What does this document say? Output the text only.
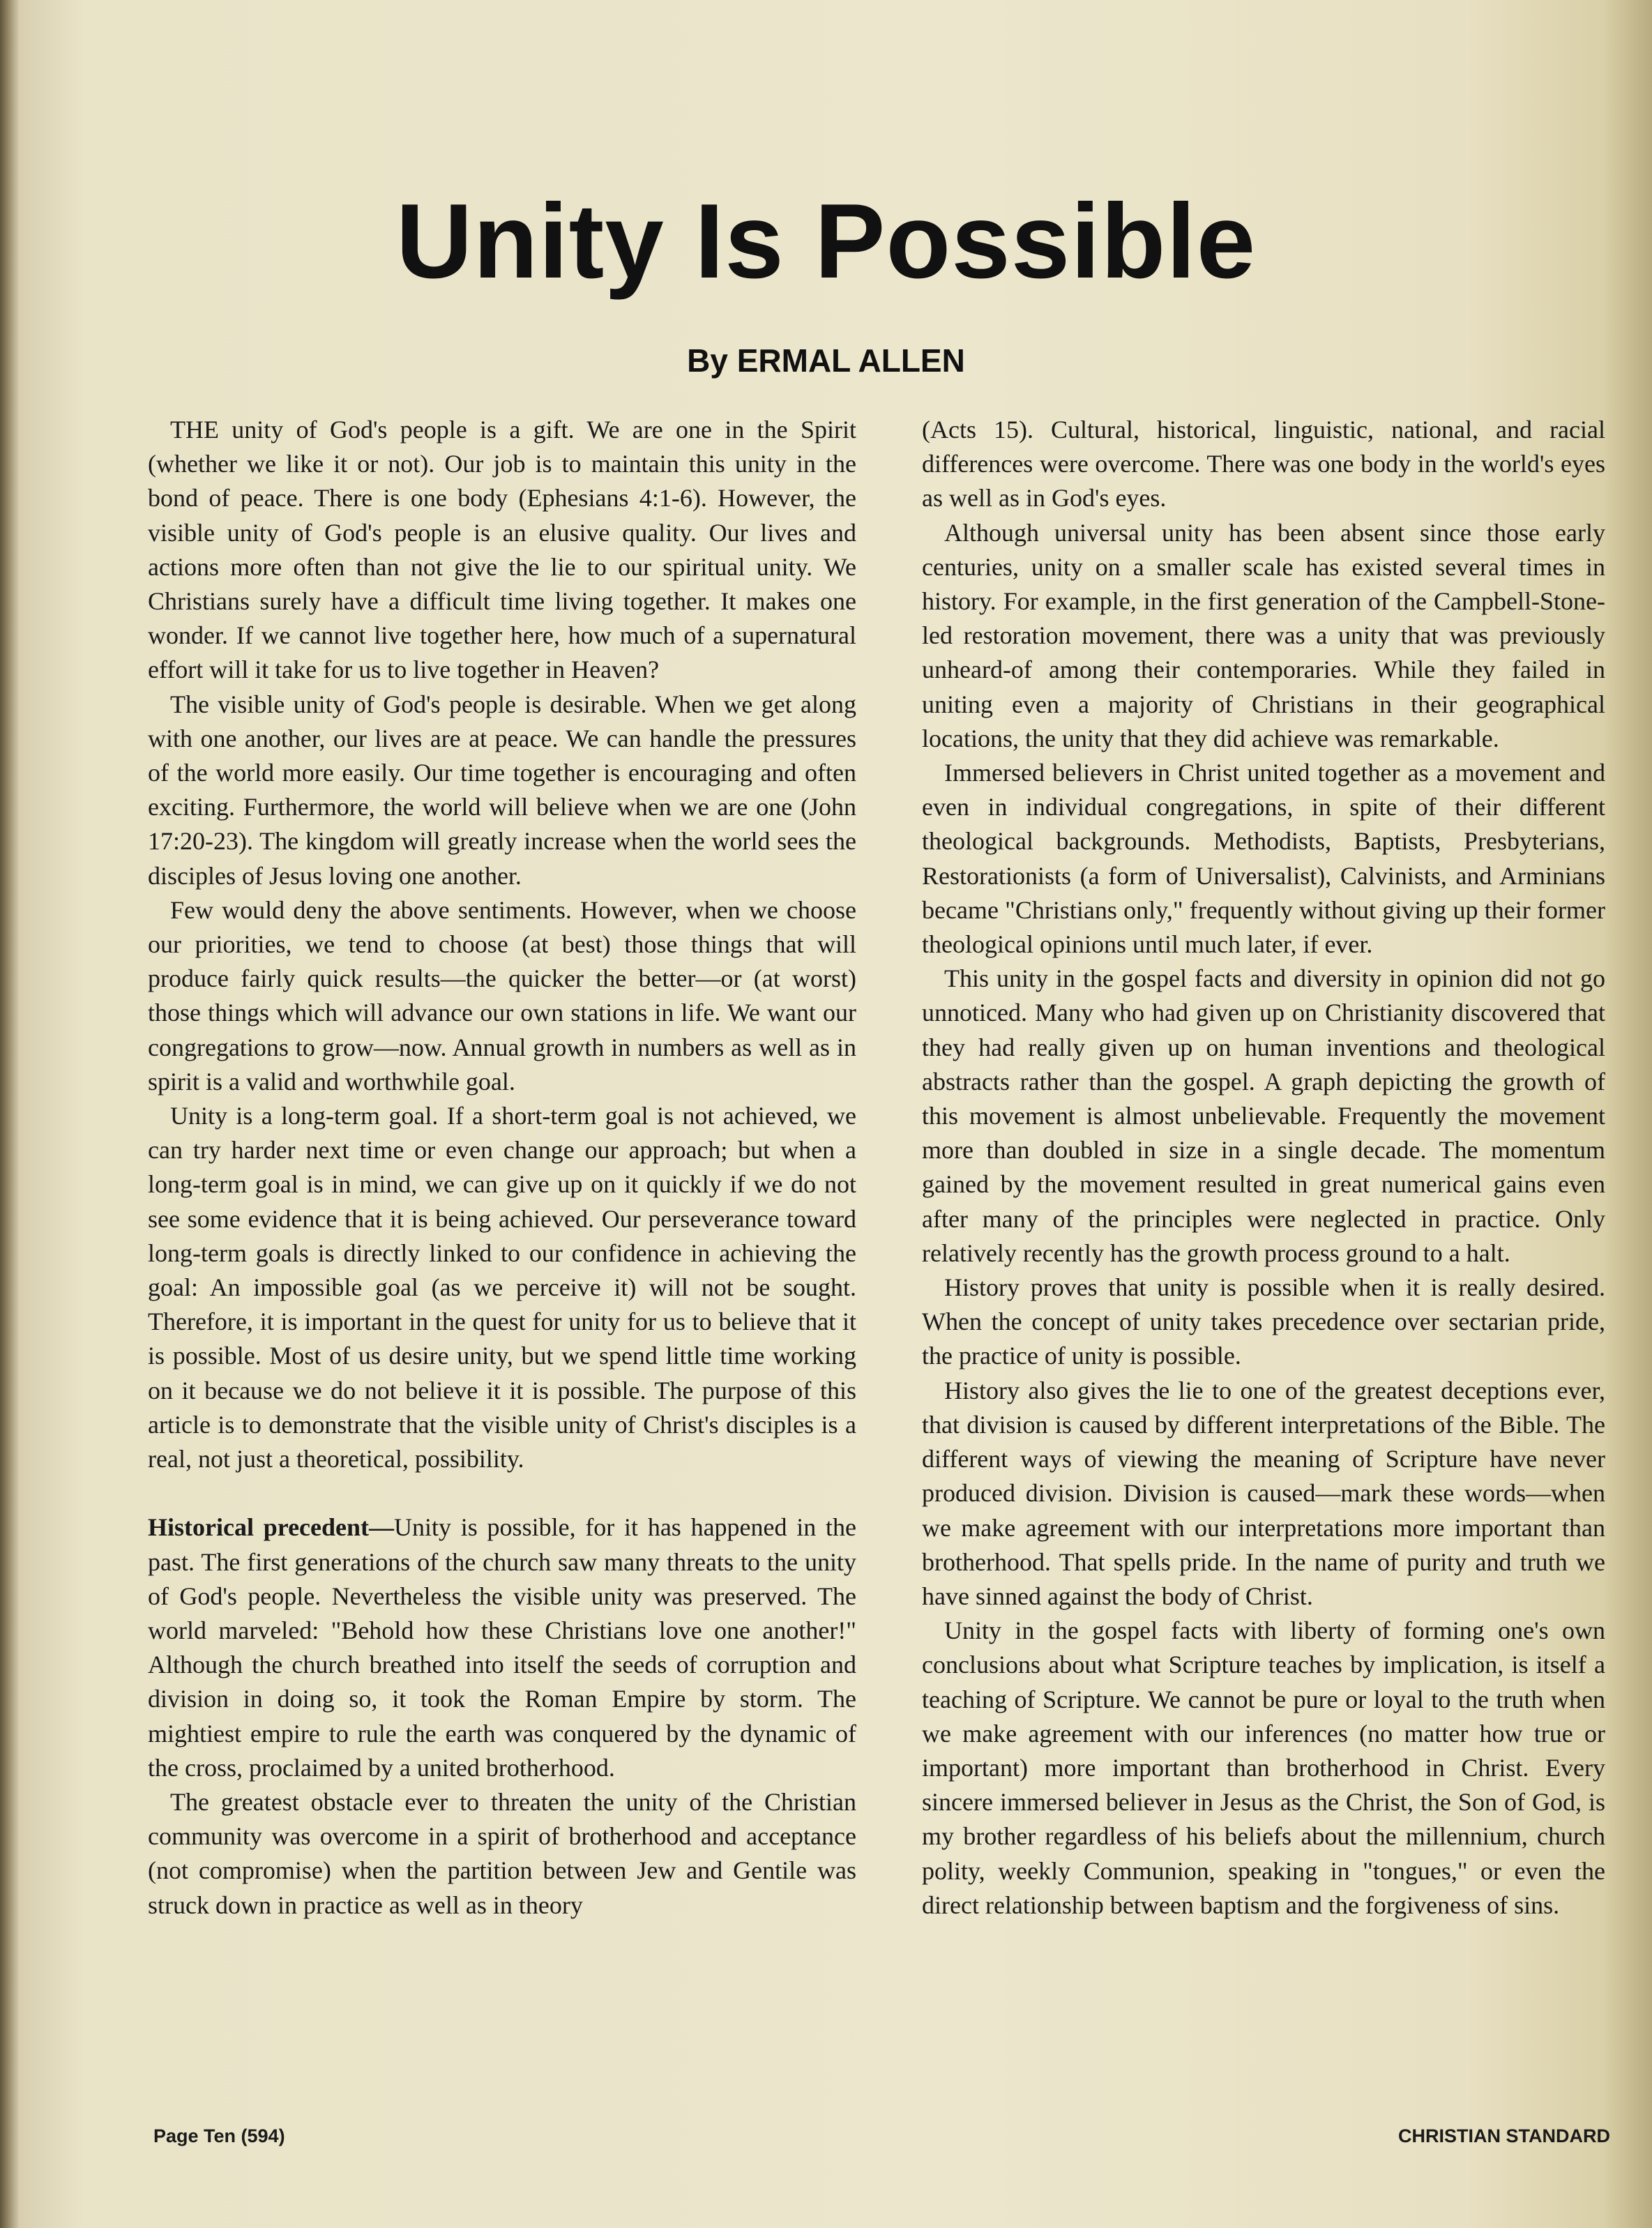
Unity Is Possible
By ERMAL ALLEN

THE unity of God's people is a gift. We are one in the Spirit (whether we like it or not). Our job is to maintain this unity in the bond of peace. There is one body (Ephesians 4:1-6). However, the visible unity of God's people is an elusive quality. Our lives and actions more often than not give the lie to our spiritual unity. We Christians surely have a difficult time living together. It makes one wonder. If we cannot live together here, how much of a supernatural effort will it take for us to live together in Heaven?

The visible unity of God's people is desirable. When we get along with one another, our lives are at peace. We can handle the pressures of the world more easily. Our time together is encouraging and often exciting. Furthermore, the world will believe when we are one (John 17:20-23). The kingdom will greatly increase when the world sees the disciples of Jesus loving one another.

Few would deny the above sentiments. However, when we choose our priorities, we tend to choose (at best) those things that will produce fairly quick results—the quicker the better—or (at worst) those things which will advance our own stations in life. We want our congregations to grow—now. Annual growth in numbers as well as in spirit is a valid and worthwhile goal.

Unity is a long-term goal. If a short-term goal is not achieved, we can try harder next time or even change our approach; but when a long-term goal is in mind, we can give up on it quickly if we do not see some evidence that it is being achieved. Our perseverance toward long-term goals is directly linked to our confidence in achieving the goal: An impossible goal (as we perceive it) will not be sought. Therefore, it is important in the quest for unity for us to believe that it is possible. Most of us desire unity, but we spend little time working on it because we do not believe it it is possible. The purpose of this article is to demonstrate that the visible unity of Christ's disciples is a real, not just a theoretical, possibility.

Historical precedent—Unity is possible, for it has happened in the past. The first generations of the church saw many threats to the unity of God's people. Nevertheless the visible unity was preserved. The world marveled: "Behold how these Christians love one another!" Although the church breathed into itself the seeds of corruption and division in doing so, it took the Roman Empire by storm. The mightiest empire to rule the earth was conquered by the dynamic of the cross, proclaimed by a united brotherhood.

The greatest obstacle ever to threaten the unity of the Christian community was overcome in a spirit of brotherhood and acceptance (not compromise) when the partition between Jew and Gentile was struck down in practice as well as in theory

(Acts 15). Cultural, historical, linguistic, national, and racial differences were overcome. There was one body in the world's eyes as well as in God's eyes.

Although universal unity has been absent since those early centuries, unity on a smaller scale has existed several times in history. For example, in the first generation of the Campbell-Stone-led restoration movement, there was a unity that was previously unheard-of among their contemporaries. While they failed in uniting even a majority of Christians in their geographical locations, the unity that they did achieve was remarkable.

Immersed believers in Christ united together as a movement and even in individual congregations, in spite of their different theological backgrounds. Methodists, Baptists, Presbyterians, Restorationists (a form of Universalist), Calvinists, and Arminians became "Christians only," frequently without giving up their former theological opinions until much later, if ever.

This unity in the gospel facts and diversity in opinion did not go unnoticed. Many who had given up on Christianity discovered that they had really given up on human inventions and theological abstracts rather than the gospel. A graph depicting the growth of this movement is almost unbelievable. Frequently the movement more than doubled in size in a single decade. The momentum gained by the movement resulted in great numerical gains even after many of the principles were neglected in practice. Only relatively recently has the growth process ground to a halt.

History proves that unity is possible when it is really desired. When the concept of unity takes precedence over sectarian pride, the practice of unity is possible.

History also gives the lie to one of the greatest deceptions ever, that division is caused by different interpretations of the Bible. The different ways of viewing the meaning of Scripture have never produced division. Division is caused—mark these words—when we make agreement with our interpretations more important than brotherhood. That spells pride. In the name of purity and truth we have sinned against the body of Christ.

Unity in the gospel facts with liberty of forming one's own conclusions about what Scripture teaches by implication, is itself a teaching of Scripture. We cannot be pure or loyal to the truth when we make agreement with our inferences (no matter how true or important) more important than brotherhood in Christ. Every sincere immersed believer in Jesus as the Christ, the Son of God, is my brother regardless of his beliefs about the millennium, church polity, weekly Communion, speaking in "tongues," or even the direct relationship between baptism and the forgiveness of sins.

Page Ten (594)	CHRISTIAN STANDARD
